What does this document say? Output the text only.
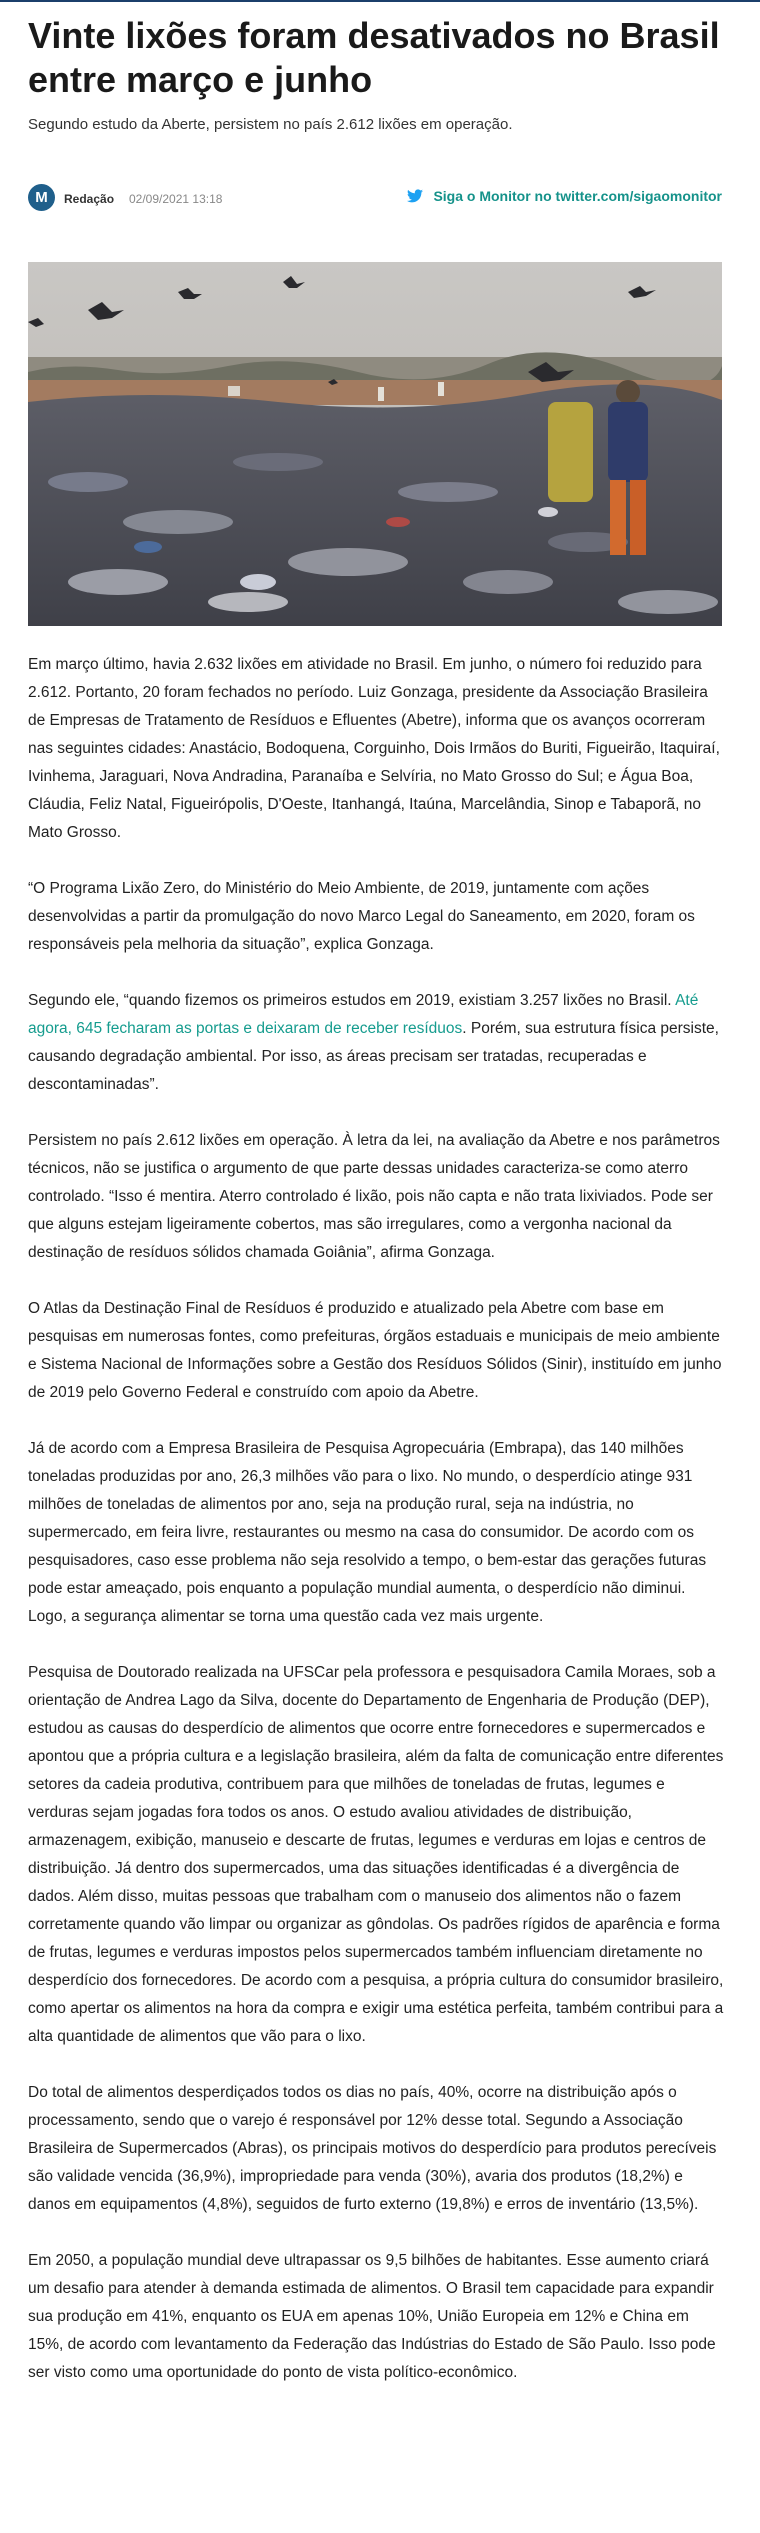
Vinte lixões foram desativados no Brasil entre março e junho
Segundo estudo da Aberte, persistem no país 2.612 lixões em operação.
M	Redação 02/09/2021 13:18	Siga o Monitor no twitter.com/sigaomonitor

Em março último, havia 2.632 lixões em atividade no Brasil. Em junho, o número foi reduzido para 2.612. Portanto, 20 foram fechados no período. Luiz Gonzaga, presidente da Associação Brasileira de Empresas de Tratamento de Resíduos e Efluentes (Abetre), informa que os avanços ocorreram nas seguintes cidades: Anastácio, Bodoquena, Corguinho, Dois Irmãos do Buriti, Figueirão, Itaquiraí, Ivinhema, Jaraguari, Nova Andradina, Paranaíba e Selvíria, no Mato Grosso do Sul; e Água Boa, Cláudia, Feliz Natal, Figueirópolis, D'Oeste, Itanhangá, Itaúna, Marcelândia, Sinop e Tabaporã, no Mato Grosso.

“O Programa Lixão Zero, do Ministério do Meio Ambiente, de 2019, juntamente com ações desenvolvidas a partir da promulgação do novo Marco Legal do Saneamento, em 2020, foram os responsáveis pela melhoria da situação”, explica Gonzaga.

Segundo ele, “quando fizemos os primeiros estudos em 2019, existiam 3.257 lixões no Brasil. Até agora, 645 fecharam as portas e deixaram de receber resíduos. Porém, sua estrutura física persiste, causando degradação ambiental. Por isso, as áreas precisam ser tratadas, recuperadas e descontaminadas”.

Persistem no país 2.612 lixões em operação. À letra da lei, na avaliação da Abetre e nos parâmetros técnicos, não se justifica o argumento de que parte dessas unidades caracteriza-se como aterro controlado. “Isso é mentira. Aterro controlado é lixão, pois não capta e não trata lixiviados. Pode ser que alguns estejam ligeiramente cobertos, mas são irregulares, como a vergonha nacional da destinação de resíduos sólidos chamada Goiânia”, afirma Gonzaga.

O Atlas da Destinação Final de Resíduos é produzido e atualizado pela Abetre com base em pesquisas em numerosas fontes, como prefeituras, órgãos estaduais e municipais de meio ambiente e Sistema Nacional de Informações sobre a Gestão dos Resíduos Sólidos (Sinir), instituído em junho de 2019 pelo Governo Federal e construído com apoio da Abetre.

Já de acordo com a Empresa Brasileira de Pesquisa Agropecuária (Embrapa), das 140 milhões toneladas produzidas por ano, 26,3 milhões vão para o lixo. No mundo, o desperdício atinge 931 milhões de toneladas de alimentos por ano, seja na produção rural, seja na indústria, no supermercado, em feira livre, restaurantes ou mesmo na casa do consumidor. De acordo com os pesquisadores, caso esse problema não seja resolvido a tempo, o bem-estar das gerações futuras pode estar ameaçado, pois enquanto a população mundial aumenta, o desperdício não diminui. Logo, a segurança alimentar se torna uma questão cada vez mais urgente.

Pesquisa de Doutorado realizada na UFSCar pela professora e pesquisadora Camila Moraes, sob a orientação de Andrea Lago da Silva, docente do Departamento de Engenharia de Produção (DEP), estudou as causas do desperdício de alimentos que ocorre entre fornecedores e supermercados e apontou que a própria cultura e a legislação brasileira, além da falta de comunicação entre diferentes setores da cadeia produtiva, contribuem para que milhões de toneladas de frutas, legumes e verduras sejam jogadas fora todos os anos. O estudo avaliou atividades de distribuição, armazenagem, exibição, manuseio e descarte de frutas, legumes e verduras em lojas e centros de distribuição. Já dentro dos supermercados, uma das situações identificadas é a divergência de dados. Além disso, muitas pessoas que trabalham com o manuseio dos alimentos não o fazem corretamente quando vão limpar ou organizar as gôndolas. Os padrões rígidos de aparência e forma de frutas, legumes e verduras impostos pelos supermercados também influenciam diretamente no desperdício dos fornecedores. De acordo com a pesquisa, a própria cultura do consumidor brasileiro, como apertar os alimentos na hora da compra e exigir uma estética perfeita, também contribui para a alta quantidade de alimentos que vão para o lixo.

Do total de alimentos desperdiçados todos os dias no país, 40%, ocorre na distribuição após o processamento, sendo que o varejo é responsável por 12% desse total. Segundo a Associação Brasileira de Supermercados (Abras), os principais motivos do desperdício para produtos perecíveis são validade vencida (36,9%), impropriedade para venda (30%), avaria dos produtos (18,2%) e danos em equipamentos (4,8%), seguidos de furto externo (19,8%) e erros de inventário (13,5%).

Em 2050, a população mundial deve ultrapassar os 9,5 bilhões de habitantes. Esse aumento criará um desafio para atender à demanda estimada de alimentos. O Brasil tem capacidade para expandir sua produção em 41%, enquanto os EUA em apenas 10%, União Europeia em 12% e China em 15%, de acordo com levantamento da Federação das Indústrias do Estado de São Paulo. Isso pode ser visto como uma oportunidade do ponto de vista político-econômico.
